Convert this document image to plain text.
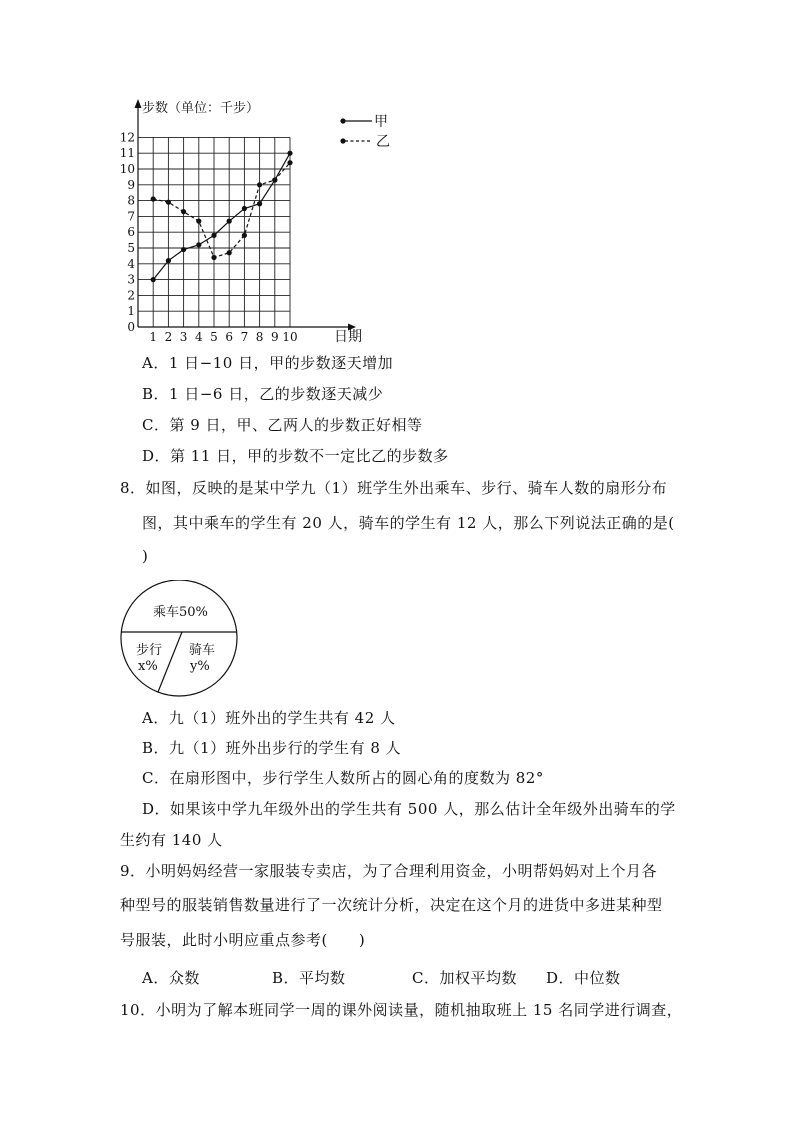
0
1
2
3
4
5
6
7
8
9
10
11
12
1 2 3 4 5 6 7 8 9 10
步数（单位：千步）
日期
甲
乙
A．1 日−10 日，甲的步数逐天增加
B．1 日−6 日，乙的步数逐天减少
C．第 9 日，甲、乙两人的步数正好相等
D．第 11 日，甲的步数不一定比乙的步数多
8．如图，反映的是某中学九（1）班学生外出乘车、步行、骑车人数的扇形分布
图，其中乘车的学生有 20 人，骑车的学生有 12 人，那么下列说法正确的是(
)
乘车50%
步行
x%
骑车
y%
A．九（1）班外出的学生共有 42 人
B．九（1）班外出步行的学生有 8 人
C．在扇形图中，步行学生人数所占的圆心角的度数为 82°
D．如果该中学九年级外出的学生共有 500 人，那么估计全年级外出骑车的学
生约有 140 人
9．小明妈妈经营一家服装专卖店，为了合理利用资金，小明帮妈妈对上个月各
种型号的服装销售数量进行了一次统计分析，决定在这个月的进货中多进某种型
号服装，此时小明应重点参考(　　)
A．众数	B．平均数	C．加权平均数 D．中位数
10．小明为了解本班同学一周的课外阅读量，随机抽取班上 15 名同学进行调查，
